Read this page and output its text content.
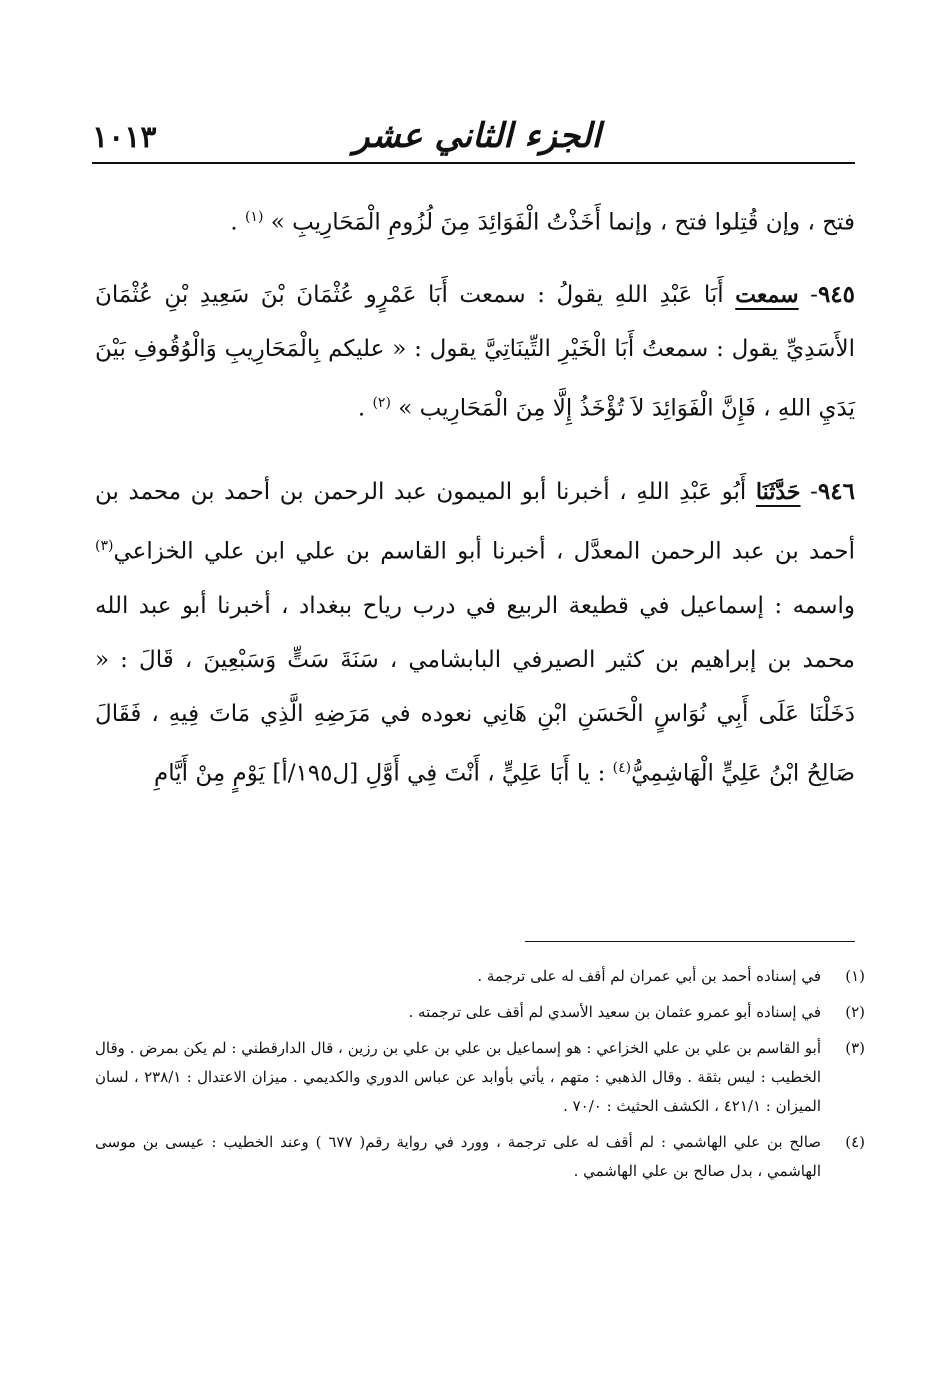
الجزء الثاني عشر
١٠١٣

فتح ، وإن قُتِلوا فتح ، وإنما أَخَذْتُ الْفَوَائِدَ مِنَ لُزُومِ الْمَحَارِيبِ » $^{(١)}$ .

٩٤٥- سمعت أَبَا عَبْدِ اللهِ يقولُ : سمعت أَبَا عَمْرٍو عُثْمَانَ بْنَ سَعِيدِ بْنِ عُثْمَانَ الأَسَدِيِّ يقول : سمعتُ أَبَا الْخَيْرِ التِّينَاتِيَّ يقول : « عليكم بِالْمَحَارِيبِ وَالْوُقُوفِ بَيْنَ يَدَيِ اللهِ ، فَإِنَّ الْفَوَائِدَ لاَ تُؤْخَذُ إِلَّا مِنَ الْمَحَارِيب » $^{(٢)}$ .

٩٤٦- حَدَّثَنَا أَبُو عَبْدِ اللهِ ، أخبرنا أبو الميمون عبد الرحمن بن أحمد بن محمد بن أحمد بن عبد الرحمن المعدَّل ، أخبرنا أبو القاسم بن علي ابن علي الخزاعي$^{(٣)}$ واسمه : إسماعيل في قطيعة الربيع في درب رياح ببغداد ، أخبرنا أبو عبد الله محمد بن إبراهيم بن كثير الصيرفي البابشامي ، سَنَةَ سَتٍّ وَسَبْعِينَ ، قَالَ : « دَخَلْنَا عَلَى أَبِي نُوَاسٍ الْحَسَنِ ابْنِ هَانِي نعوده في مَرَضِهِ الَّذِي مَاتَ فِيهِ ، فَقَالَ صَالِحُ ابْنُ عَلِيٍّ الْهَاشِمِيُّ$^{(٤)}$ : يا أَبَا عَلِيٍّ ، أَنْتَ فِي أَوَّلِ [ل١٩٥/أ] يَوْمٍ مِنْ أَيَّامِ

(١)
في إسناده أحمد بن أبي عمران لم أقف له على ترجمة .
(٢)
في إسناده أبو عمرو عثمان بن سعيد الأسدي لم أقف على ترجمته .
(٣)
أبو القاسم بن علي بن علي الخزاعي : هو إسماعيل بن علي بن علي بن رزين ، قال الدارقطني : لم يكن بمرض . وقال الخطيب : ليس بثقة . وقال الذهبي : متهم ، يأتي بأوابد عن عباس الدوري والكديمي . ميزان الاعتدال : ٢٣٨/١ ، لسان الميزان : ٤٢١/١ ، الكشف الحثيث : ٧٠/٠ .
(٤)
صالح بن علي الهاشمي : لم أقف له على ترجمة ، وورد في رواية رقم( ٦٧٧ ) وعند الخطيب : عيسى بن موسى الهاشمي ، بدل صالح بن علي الهاشمي .
